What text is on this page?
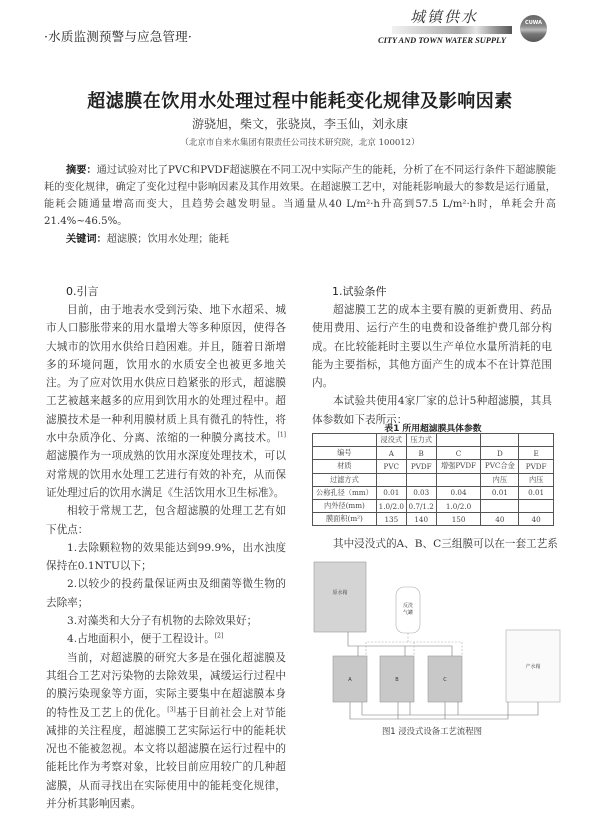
·水质监测预警与应急管理·
城镇供水
CITY AND TOWN WATER SUPPLY
CUWA
超滤膜在饮用水处理过程中能耗变化规律及影响因素
游骁旭，柴文，张骁岚，李玉仙，刘永康
（北京市自来水集团有限责任公司技术研究院，北京 100012）
摘要：通过试验对比了PVC和PVDF超滤膜在不同工况中实际产生的能耗，分析了在不同运行条件下超滤膜能耗的变化规律，确定了变化过程中影响因素及其作用效果。在超滤膜工艺中，对能耗影响最大的参数是运行通量，能耗会随通量增高而变大，且趋势会越发明显。当通量从40 L/m²·h升高到57.5 L/m²·h时，单耗会升高21.4%~46.5%。
关键词：超滤膜；饮用水处理；能耗
0.引言
目前，由于地表水受到污染、地下水超采、城市人口膨胀带来的用水量增大等多种原因，使得各大城市的饮用水供给日趋困难。并且，随着日渐增多的环境问题，饮用水的水质安全也被更多地关注。为了应对饮用水供应日趋紧张的形式，超滤膜工艺被越来越多的应用到饮用水的处理过程中。超滤膜技术是一种利用膜材质上具有微孔的特性，将水中杂质净化、分离、浓缩的一种膜分离技术。[1]超滤膜作为一项成熟的饮用水深度处理技术，可以对常规的饮用水处理工艺进行有效的补充，从而保证处理过后的饮用水满足《生活饮用水卫生标准》。
相较于常规工艺，包含超滤膜的处理工艺有如下优点：
1.去除颗粒物的效果能达到99.9%，出水浊度保持在0.1NTU以下；
2.以较少的投药量保证两虫及细菌等微生物的去除率；
3.对藻类和大分子有机物的去除效果好；
4.占地面积小，便于工程设计。[2]
当前，对超滤膜的研究大多是在强化超滤膜及其组合工艺对污染物的去除效果，减缓运行过程中的膜污染现象等方面，实际主要集中在超滤膜本身的特性及工艺上的优化。[3]基于目前社会上对节能减排的关注程度，超滤膜工艺实际运行中的能耗状况也不能被忽视。本文将以超滤膜在运行过程中的能耗比作为考察对象，比较目前应用较广的几种超滤膜，从而寻找出在实际使用中的能耗变化规律，并分析其影响因素。
1.试验条件
超滤膜工艺的成本主要有膜的更新费用、药品使用费用、运行产生的电费和设备维护费几部分构成。在比较能耗时主要以生产单位水量所消耗的电能为主要指标，其他方面产生的成本不在计算范围内。
本试验共使用4家厂家的总计5种超滤膜，其具体参数如下表所示：
表1 所用超滤膜具体参数
	浸没式	压力式			
编号	A	B	C	D	E
材质	PVC	PVDF	增强PVDF	PVC合金	PVDF
过滤方式				内压	内压
公称孔径（mm）	0.01	0.03	0.04	0.01	0.01
内外径(mm)	1.0/2.0	0.7/1.2	1.0/2.0		
膜面积(m²)	135	140	150	40	40
其中浸没式的A、B、C三组膜可以在一套工艺系
原水箱
反洗
气罐
产水箱
A	B	C
图1 浸没式设备工艺流程图
